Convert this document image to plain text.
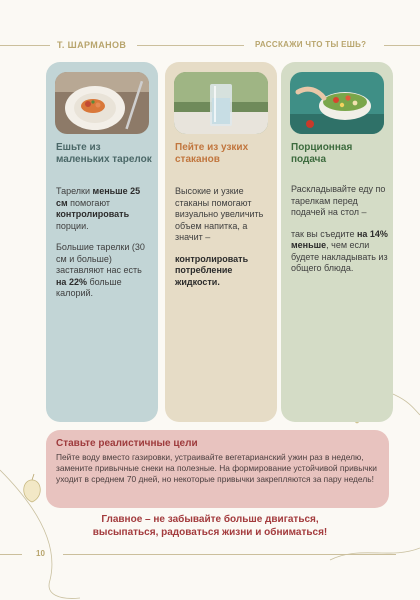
Т. ШАРМАНОВ	РАССКАЖИ ЧТО ТЫ ЕШЬ?
Ешьте из маленьких тарелок

Тарелки меньше 25 см помогают контролировать порции.

Большие тарелки (30 см и больше) заставляют нас есть на 22% больше калорий.

Пейте из узких стаканов

Высокие и узкие стаканы помогают визуально увеличить объем напитка, а значит –

контролировать потребление жидкости.

Порционная подача

Раскладывайте еду по тарелкам перед подачей на стол –

так вы съедите на 14% меньше, чем если будете накладывать из общего блюда.

Ставьте реалистичные цели
Пейте воду вместо газировки, устраивайте вегетарианский ужин раз в неделю, замените привычные снеки на полезные. На формирование устойчивой привычки уходит в среднем 70 дней, но некоторые привычки закрепляются за пару недель!
Главное – не забывайте больше двигаться,
высыпаться, радоваться жизни и обниматься!
10
